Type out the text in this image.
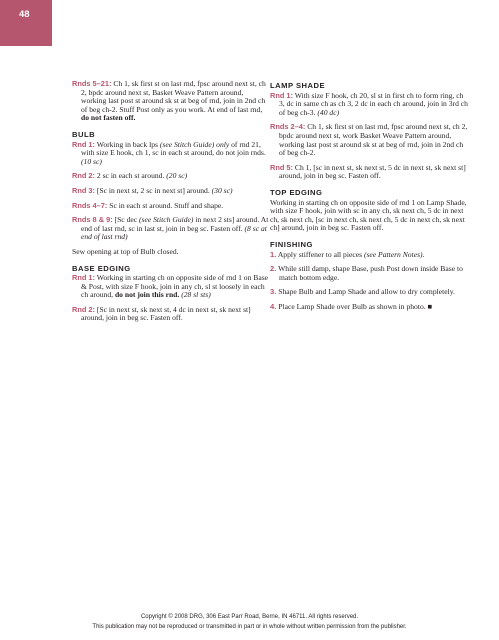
48
Rnds 5–21: Ch 1, sk first st on last rnd, fpsc around next st, ch 2, bpdc around next st, Basket Weave Pattern around, working last post st around sk st at beg of rnd, join in 2nd ch of beg ch-2. Stuff Post only as you work. At end of last rnd, do not fasten off.
BULB
Rnd 1: Working in back lps (see Stitch Guide) only of rnd 21, with size E hook, ch 1, sc in each st around, do not join rnds. (10 sc)
Rnd 2: 2 sc in each st around. (20 sc)
Rnd 3: [Sc in next st, 2 sc in next st] around. (30 sc)
Rnds 4–7: Sc in each st around. Stuff and shape.
Rnds 8 & 9: [Sc dec (see Stitch Guide) in next 2 sts] around. At end of last rnd, sc in last st, join in beg sc. Fasten off. (8 sc at end of last rnd)
Sew opening at top of Bulb closed.
BASE EDGING
Rnd 1: Working in starting ch on opposite side of rnd 1 on Base & Post, with size F hook, join in any ch, sl st loosely in each ch around, do not join this rnd. (28 sl sts)
Rnd 2: [Sc in next st, sk next st, 4 dc in next st, sk next st] around, join in beg sc. Fasten off.
LAMP SHADE
Rnd 1: With size F hook, ch 20, sl st in first ch to form ring, ch 3, dc in same ch as ch 3, 2 dc in each ch around, join in 3rd ch of beg ch-3. (40 dc)
Rnds 2–4: Ch 1, sk first st on last rnd, fpsc around next st, ch 2, bpdc around next st, work Basket Weave Pattern around, working last post st around sk st at beg of rnd, join in 2nd ch of beg ch-2.
Rnd 5: Ch 1, [sc in next st, sk next st, 5 dc in next st, sk next st] around, join in beg sc. Fasten off.
TOP EDGING
Working in starting ch on opposite side of rnd 1 on Lamp Shade, with size F hook, join with sc in any ch, sk next ch, 5 dc in next ch, sk next ch, [sc in next ch, sk next ch, 5 dc in next ch, sk next ch] around, join in beg sc. Fasten off.
FINISHING
1. Apply stiffener to all pieces (see Pattern Notes).
2. While still damp, shape Base, push Post down inside Base to match bottom edge.
3. Shape Bulb and Lamp Shade and allow to dry completely.
4. Place Lamp Shade over Bulb as shown in photo. ■
Copyright © 2008 DRG, 306 East Parr Road, Berne, IN 46711. All rights reserved.
This publication may not be reproduced or transmitted in part or in whole without written permission from the publisher.
